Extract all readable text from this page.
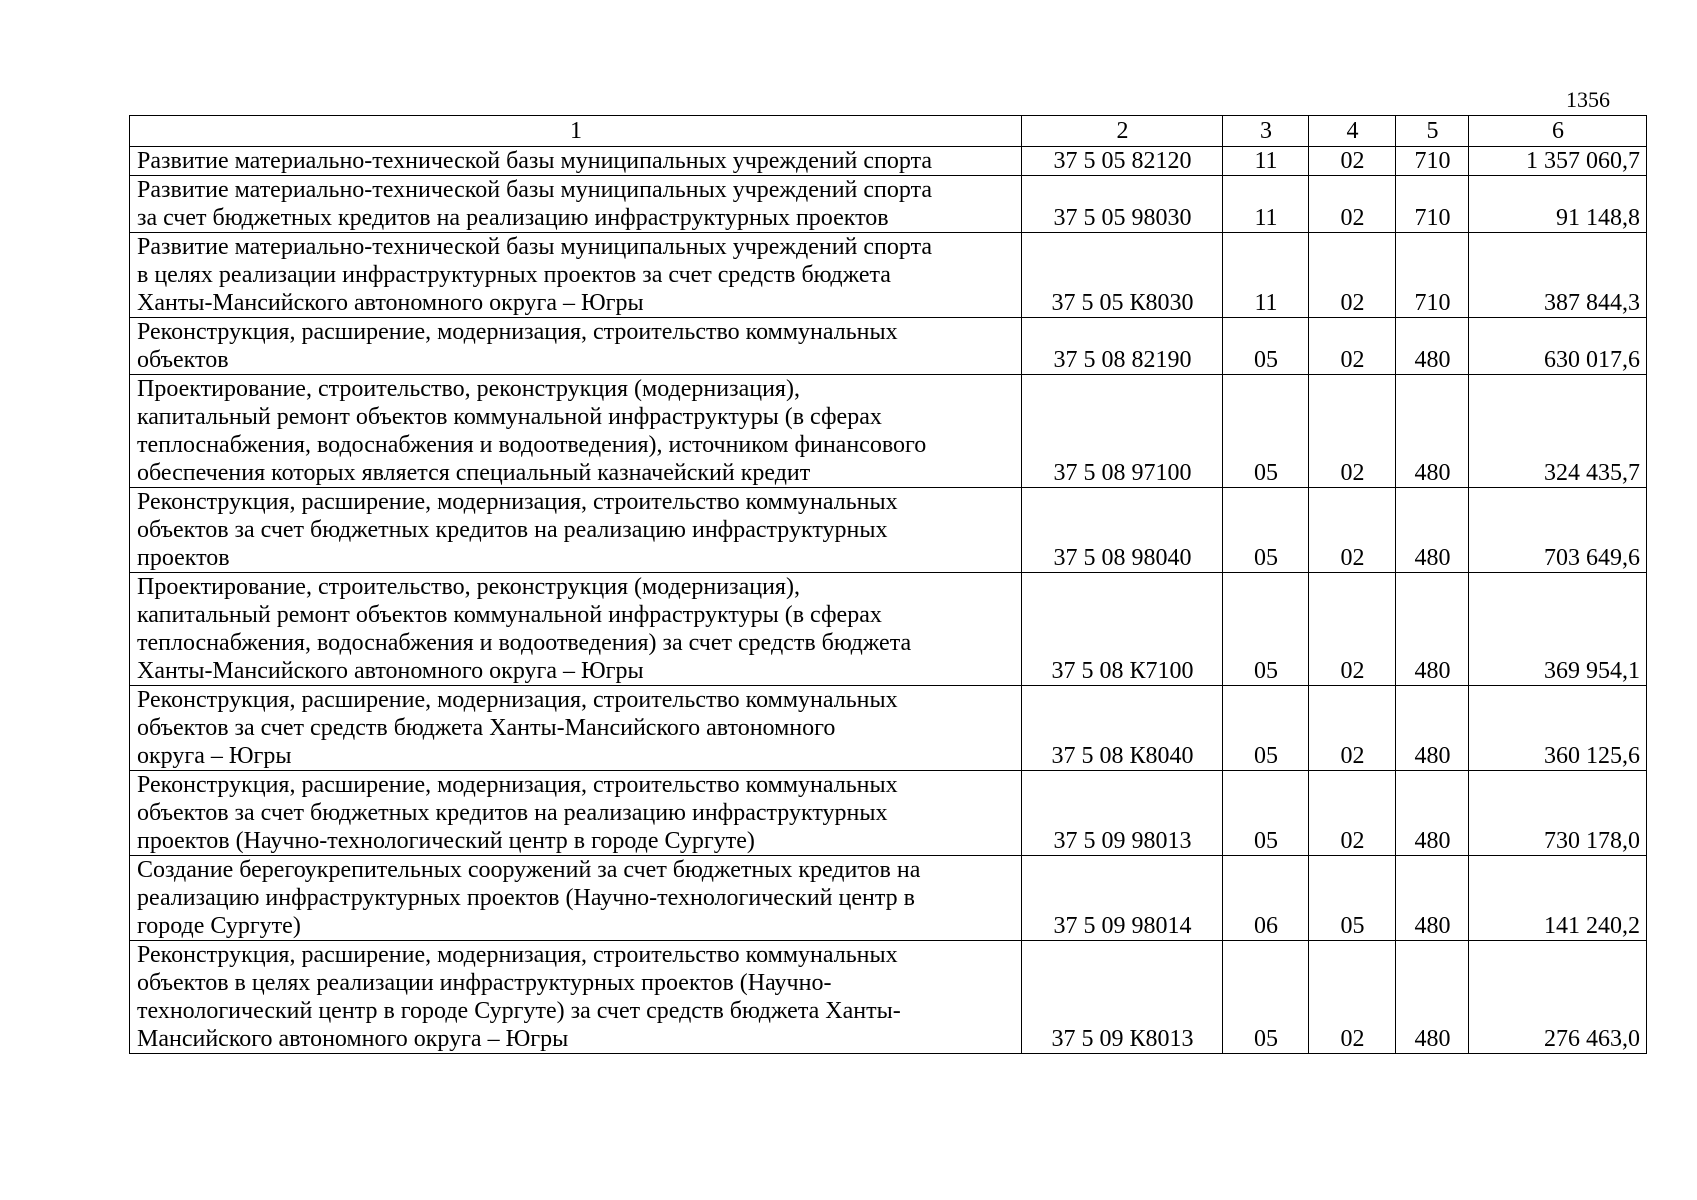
1356
1	2	3	4	5	6

Развитие материально-технической базы муниципальных учреждений спорта	37 5 05 82120	11	02	710	1 357 060,7

Развитие материально-технической базы муниципальных учреждений спорта
за счет бюджетных кредитов на реализацию инфраструктурных проектов	37 5 05 98030	11	02	710	91 148,8

Развитие материально-технической базы муниципальных учреждений спорта
в целях реализации инфраструктурных проектов за счет средств бюджета
Ханты-Мансийского автономного округа – Югры	37 5 05 К8030	11	02	710	387 844,3

Реконструкция, расширение, модернизация, строительство коммунальных
объектов	37 5 08 82190	05	02	480	630 017,6

Проектирование, строительство, реконструкция (модернизация),
капитальный ремонт объектов коммунальной инфраструктуры (в сферах
теплоснабжения, водоснабжения и водоотведения), источником финансового
обеспечения которых является специальный казначейский кредит	37 5 08 97100	05	02	480	324 435,7

Реконструкция, расширение, модернизация, строительство коммунальных
объектов за счет бюджетных кредитов на реализацию инфраструктурных
проектов	37 5 08 98040	05	02	480	703 649,6

Проектирование, строительство, реконструкция (модернизация),
капитальный ремонт объектов коммунальной инфраструктуры (в сферах
теплоснабжения, водоснабжения и водоотведения) за счет средств бюджета
Ханты-Мансийского автономного округа – Югры	37 5 08 К7100	05	02	480	369 954,1

Реконструкция, расширение, модернизация, строительство коммунальных
объектов за счет средств бюджета Ханты-Мансийского автономного
округа – Югры	37 5 08 К8040	05	02	480	360 125,6

Реконструкция, расширение, модернизация, строительство коммунальных
объектов за счет бюджетных кредитов на реализацию инфраструктурных
проектов (Научно-технологический центр в городе Сургуте)	37 5 09 98013	05	02	480	730 178,0

Создание берегоукрепительных сооружений за счет бюджетных кредитов на
реализацию инфраструктурных проектов (Научно-технологический центр в
городе Сургуте)	37 5 09 98014	06	05	480	141 240,2

Реконструкция, расширение, модернизация, строительство коммунальных
объектов в целях реализации инфраструктурных проектов (Научно-
технологический центр в городе Сургуте) за счет средств бюджета Ханты-
Мансийского автономного округа – Югры	37 5 09 К8013	05	02	480	276 463,0
